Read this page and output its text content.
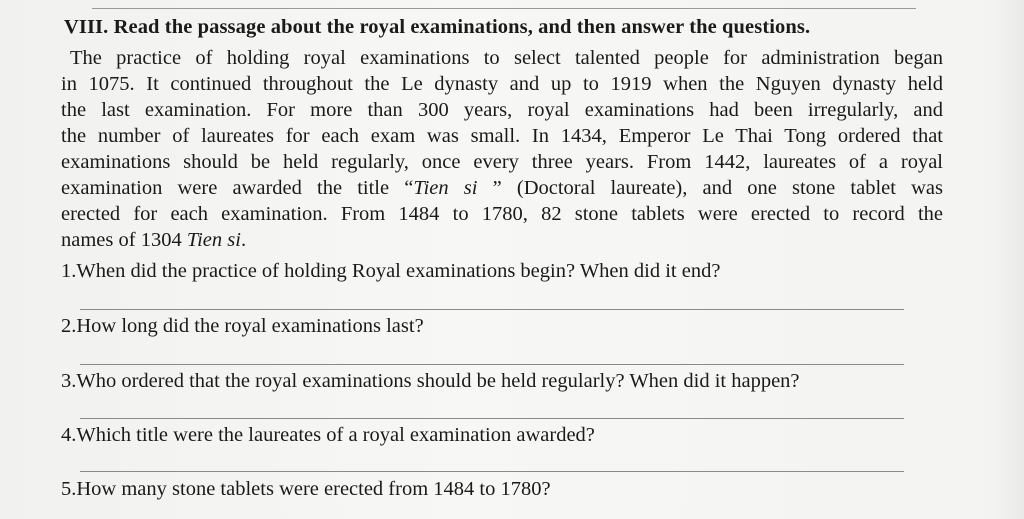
VIII. Read the passage about the royal examinations, and then answer the questions.
The practice of holding royal examinations to select talented people for administration began
in 1075. It continued throughout the Le dynasty and up to 1919 when the Nguyen dynasty held
the last examination. For more than 300 years, royal examinations had been irregularly, and
the number of laureates for each exam was small. In 1434, Emperor Le Thai Tong ordered that
examinations should be held regularly, once every three years. From 1442, laureates of a royal
examination were awarded the title “Tien si ” (Doctoral laureate), and one stone tablet was
erected for each examination. From 1484 to 1780, 82 stone tablets were erected to record the
names of 1304 Tien si.
1.When did the practice of holding Royal examinations begin? When did it end?
2.How long did the royal examinations last?
3.Who ordered that the royal examinations should be held regularly? When did it happen?
4.Which title were the laureates of a royal examination awarded?
5.How many stone tablets were erected from 1484 to 1780?
